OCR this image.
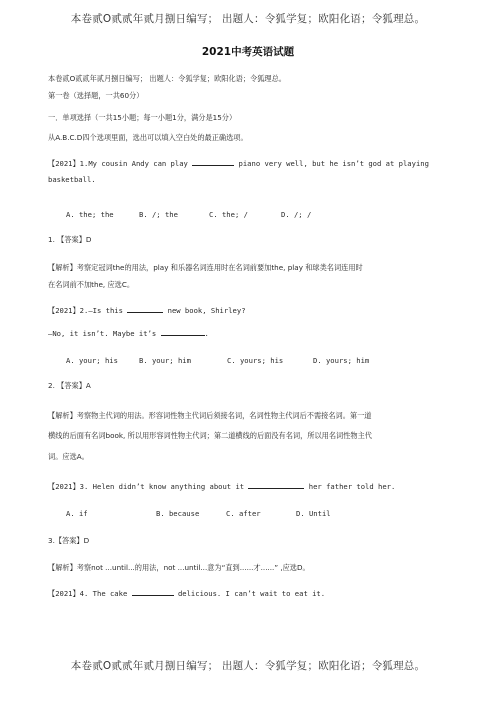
本卷贰O贰贰年贰月捌日编写； 出题人：令狐学复；欧阳化语；令狐理总。
2021中考英语试题
本卷贰O贰贰年贰月捌日编写； 出题人：令狐学复；欧阳化语；令狐理总。
第一卷（选择题，一共60分）
一．单项选择（一共15小题；每一小题1分，满分是15分）
从A.B.C.D四个选项里面，选出可以填入空白处的最正确选项。
【2021】1.My cousin Andy can play	piano very well, but he isn’t god at playing
basketball.
A. the; the	B. /; the	C. the; /	D. /; /
1. 【答案】D
【解析】考察定冠词the的用法，play 和乐器名词连用时在名词前要加the, play 和球类名词连用时
在名词前不加the, 应选C。
【2021】2.—Is this	new book, Shirley?
—No, it isn’t. Maybe it’s	.
A. your; his	B. your; him	C. yours; his	D. yours; him
2. 【答案】A
【解析】考察物主代词的用法。形容词性物主代词后须接名词，名词性物主代词后不需接名词。第一道
横线的后面有名词book, 所以用形容词性物主代词；第二道横线的后面没有名词，所以用名词性物主代
词。应选A。
【2021】3. Helen didn’t know anything about it	her father told her.
A. if	B. because	C. after	D. Until
3.【答案】D
【解析】考察not ...until...的用法，not ...until...意为“直到......才......” ,应选D。
【2021】4. The cake	delicious. I can’t wait to eat it.
本卷贰O贰贰年贰月捌日编写； 出题人：令狐学复；欧阳化语；令狐理总。
